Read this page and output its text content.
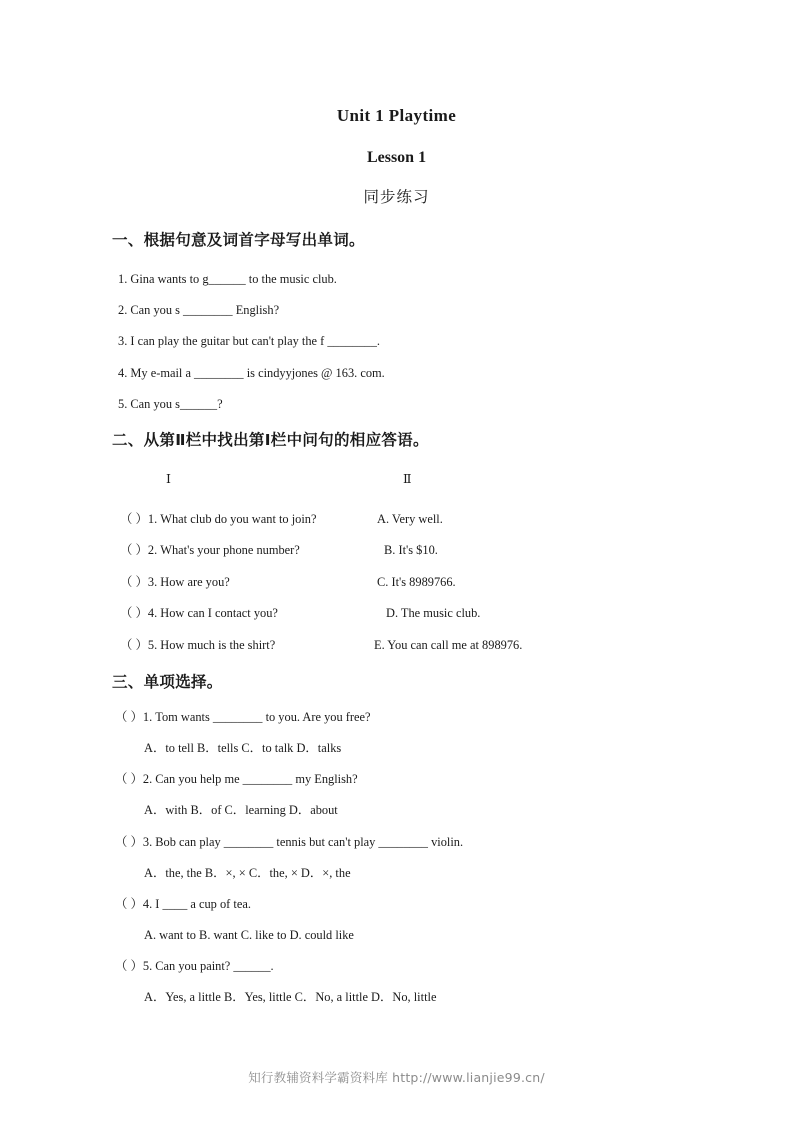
Unit 1 Playtime
Lesson 1
同步练习
一、根据句意及词首字母写出单词。
1. Gina wants to g______ to the music club.
2. Can you s ________ English?
3. I can play the guitar but can't play the f ________.
4. My e-mail a ________ is cindyyjones @ 163. com.
5. Can you s______?
二、从第Ⅱ栏中找出第Ⅰ栏中问句的相应答语。
Ⅰ	Ⅱ
（ ）1. What club do you want to join?
（ ）2. What's your phone number?
（ ）3. How are you?
（ ）4. How can I contact you?
（ ）5. How much is the shirt?
A. Very well.
B. It's $10.
C. It's 8989766.
D. The music club.
E. You can call me at 898976.
三、单项选择。
（ ）1. Tom wants ________ to you. Are you free?
A．to tell B．tells C．to talk D．talks
（ ）2. Can you help me ________ my English?
A．with B．of C．learning D．about
（ ）3. Bob can play ________ tennis but can't play ________ violin.
A．the, the B．×, × C．the, × D．×, the
（ ）4. I ____ a cup of tea.
A. want to B. want C. like to D. could like
（ ）5. Can you paint? ______.
A．Yes, a little B．Yes, little C．No, a little D．No, little
知行教辅资料学霸资料库 http://www.lianjie99.cn/
